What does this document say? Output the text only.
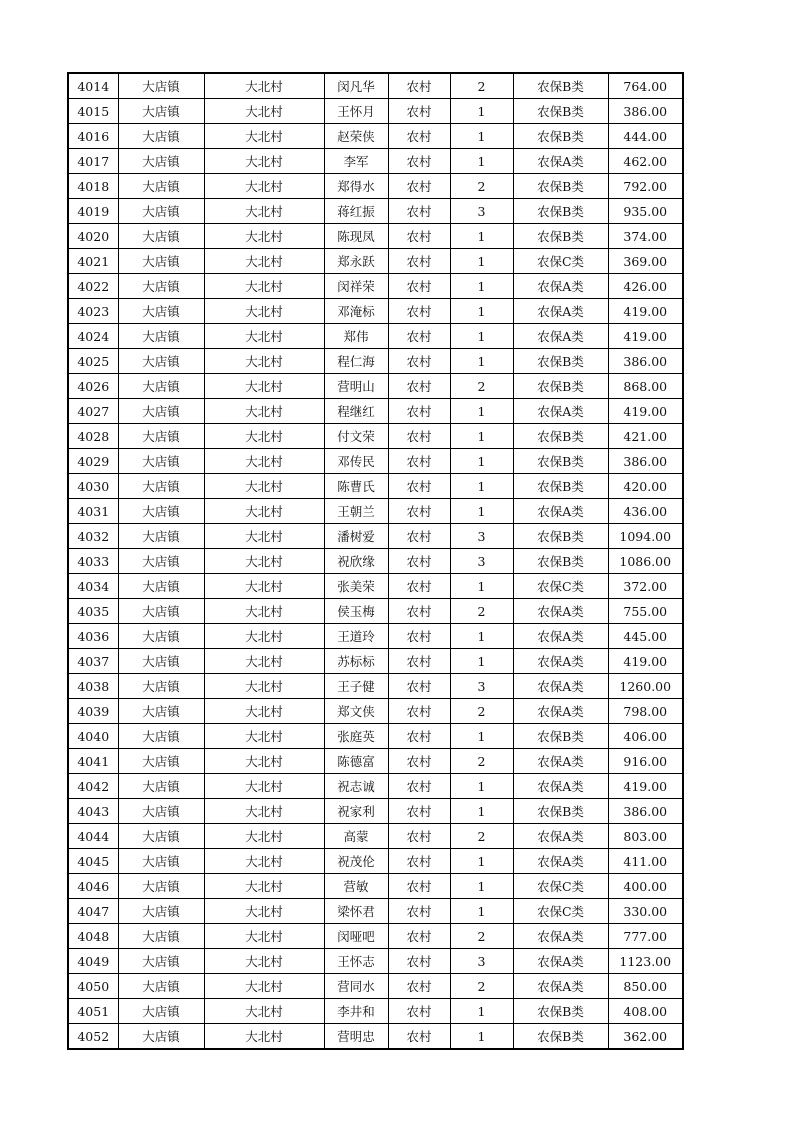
4014	大店镇	大北村	闵凡华	农村	2	农保B类	764.00
4015	大店镇	大北村	王怀月	农村	1	农保B类	386.00
4016	大店镇	大北村	赵荣侠	农村	1	农保B类	444.00
4017	大店镇	大北村	李军	农村	1	农保A类	462.00
4018	大店镇	大北村	郑得水	农村	2	农保B类	792.00
4019	大店镇	大北村	蒋红振	农村	3	农保B类	935.00
4020	大店镇	大北村	陈现凤	农村	1	农保B类	374.00
4021	大店镇	大北村	郑永跃	农村	1	农保C类	369.00
4022	大店镇	大北村	闵祥荣	农村	1	农保A类	426.00
4023	大店镇	大北村	邓淹标	农村	1	农保A类	419.00
4024	大店镇	大北村	郑伟	农村	1	农保A类	419.00
4025	大店镇	大北村	程仁海	农村	1	农保B类	386.00
4026	大店镇	大北村	营明山	农村	2	农保B类	868.00
4027	大店镇	大北村	程继红	农村	1	农保A类	419.00
4028	大店镇	大北村	付文荣	农村	1	农保B类	421.00
4029	大店镇	大北村	邓传民	农村	1	农保B类	386.00
4030	大店镇	大北村	陈曹氏	农村	1	农保B类	420.00
4031	大店镇	大北村	王朝兰	农村	1	农保A类	436.00
4032	大店镇	大北村	潘树爱	农村	3	农保B类	1094.00
4033	大店镇	大北村	祝欣缘	农村	3	农保B类	1086.00
4034	大店镇	大北村	张美荣	农村	1	农保C类	372.00
4035	大店镇	大北村	侯玉梅	农村	2	农保A类	755.00
4036	大店镇	大北村	王道玲	农村	1	农保A类	445.00
4037	大店镇	大北村	苏标标	农村	1	农保A类	419.00
4038	大店镇	大北村	王子健	农村	3	农保A类	1260.00
4039	大店镇	大北村	郑文侠	农村	2	农保A类	798.00
4040	大店镇	大北村	张庭英	农村	1	农保B类	406.00
4041	大店镇	大北村	陈德富	农村	2	农保A类	916.00
4042	大店镇	大北村	祝志诚	农村	1	农保A类	419.00
4043	大店镇	大北村	祝家利	农村	1	农保B类	386.00
4044	大店镇	大北村	高蒙	农村	2	农保A类	803.00
4045	大店镇	大北村	祝茂伦	农村	1	农保A类	411.00
4046	大店镇	大北村	营敏	农村	1	农保C类	400.00
4047	大店镇	大北村	梁怀君	农村	1	农保C类	330.00
4048	大店镇	大北村	闵哑吧	农村	2	农保A类	777.00
4049	大店镇	大北村	王怀志	农村	3	农保A类	1123.00
4050	大店镇	大北村	营同水	农村	2	农保A类	850.00
4051	大店镇	大北村	李井和	农村	1	农保B类	408.00
4052	大店镇	大北村	营明忠	农村	1	农保B类	362.00
